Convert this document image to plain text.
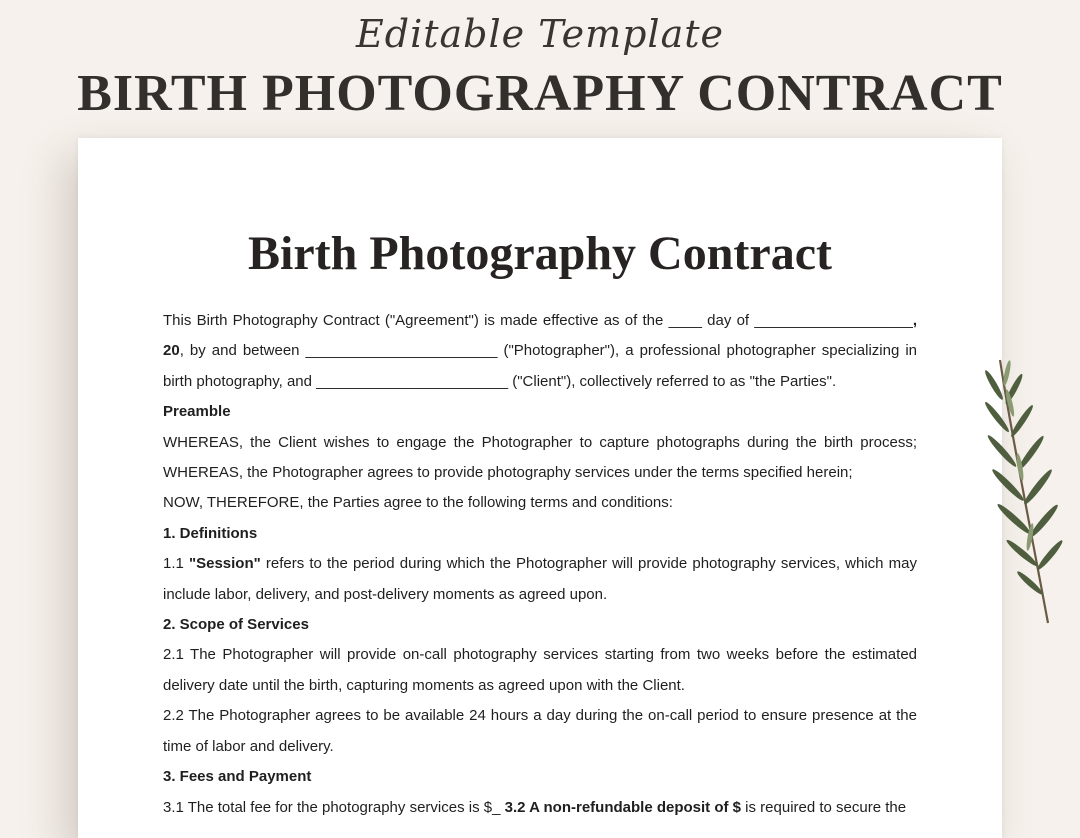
Editable Template
BIRTH PHOTOGRAPHY CONTRACT
Birth Photography Contract

This Birth Photography Contract ("Agreement") is made effective as of the ____ day of ___________________, 20, by and between _______________________ ("Photographer"), a professional photographer specializing in birth photography, and _______________________ ("Client"), collectively referred to as "the Parties".

Preamble

WHEREAS, the Client wishes to engage the Photographer to capture photographs during the birth process; WHEREAS, the Photographer agrees to provide photography services under the terms specified herein;

NOW, THEREFORE, the Parties agree to the following terms and conditions:

1. Definitions

1.1 "Session" refers to the period during which the Photographer will provide photography services, which may include labor, delivery, and post-delivery moments as agreed upon.

2. Scope of Services

2.1 The Photographer will provide on-call photography services starting from two weeks before the estimated delivery date until the birth, capturing moments as agreed upon with the Client.

2.2 The Photographer agrees to be available 24 hours a day during the on-call period to ensure presence at the time of labor and delivery.

3. Fees and Payment

3.1 The total fee for the photography services is $_ 3.2 A non-refundable deposit of $ is required to secure the
